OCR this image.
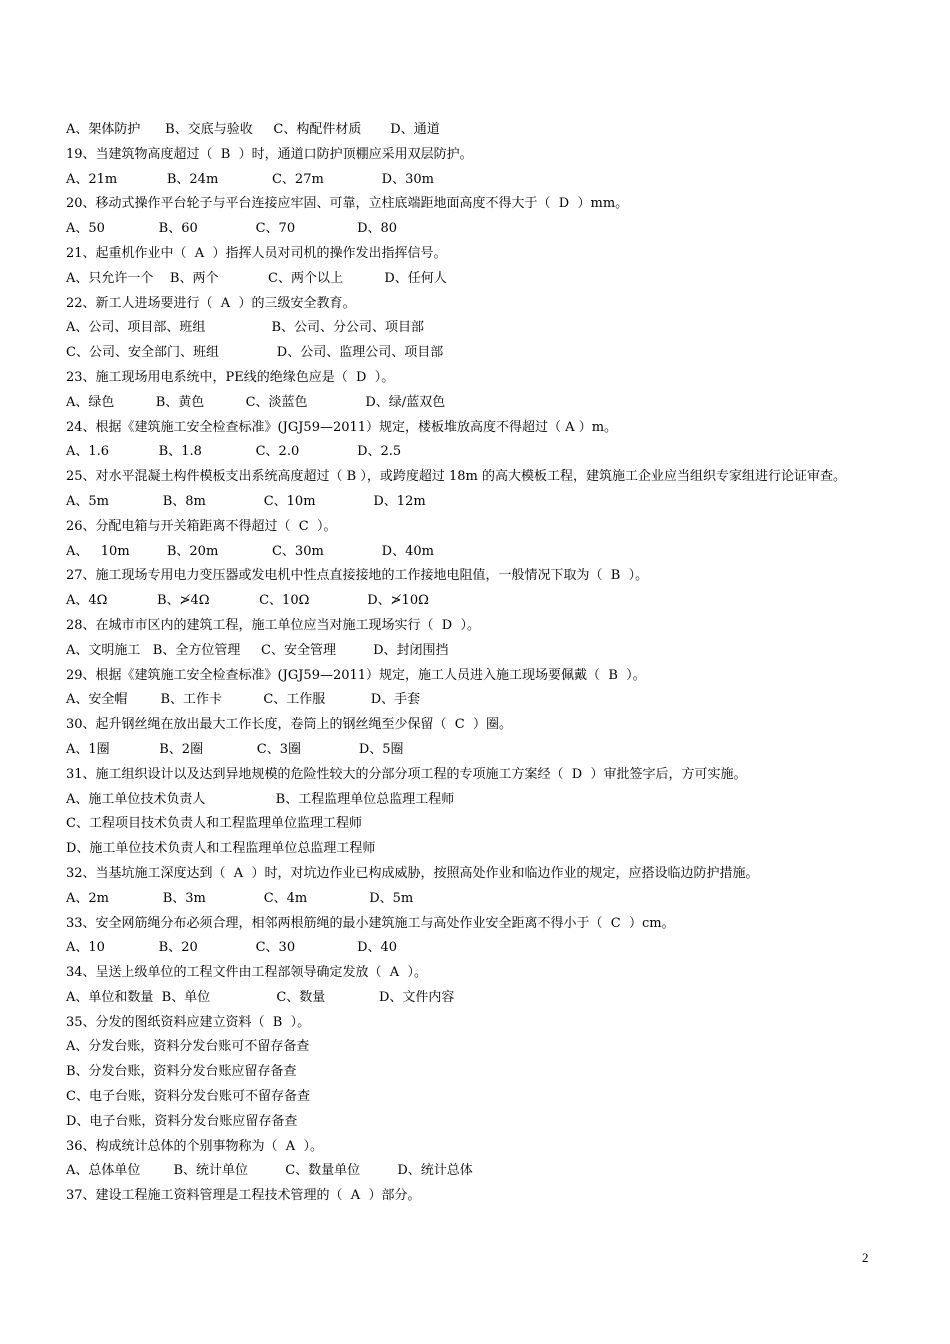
A、架体防护      B、交底与验收     C、构配件材质       D、通道
19、当建筑物高度超过（  B  ）时，通道口防护顶棚应采用双层防护。
A、21m            B、24m             C、27m              D、30m
20、移动式操作平台轮子与平台连接应牢固、可靠，立柱底端距地面高度不得大于（  D  ）mm。
A、50             B、60              C、70               D、80
21、起重机作业中（  A  ）指挥人员对司机的操作发出指挥信号。
A、只允许一个    B、两个            C、两个以上          D、任何人
22、新工人进场要进行（  A  ）的三级安全教育。
A、公司、项目部、班组                B、公司、分公司、项目部
C、公司、安全部门、班组              D、公司、监理公司、项目部
23、施工现场用电系统中，PE线的绝缘色应是（  D  ）。
A、绿色          B、黄色          C、淡蓝色              D、绿/蓝双色
24、根据《建筑施工安全检查标准》(JGJ59—2011）规定，楼板堆放高度不得超过（ A ）m。
A、1.6            B、1.8             C、2.0              D、2.5
25、对水平混凝土构件模板支出系统高度超过（ B ），或跨度超过 18m 的高大模板工程，建筑施工企业应当组织专家组进行论证审查。
A、5m             B、8m              C、10m              D、12m
26、分配电箱与开关箱距离不得超过（  C  ）。
A、   10m         B、20m             C、30m              D、40m
27、施工现场专用电力变压器或发电机中性点直接接地的工作接地电阻值，一般情况下取为（  B  ）。
A、4Ω            B、≯4Ω            C、10Ω              D、≯10Ω
28、在城市市区内的建筑工程，施工单位应当对施工现场实行（  D  ）。
A、文明施工   B、全方位管理     C、安全管理         D、封闭围挡
29、根据《建筑施工安全检查标准》(JGJ59—2011）规定，施工人员进入施工现场要佩戴（  B  ）。
A、安全帽        B、工作卡          C、工作服           D、手套
30、起升钢丝绳在放出最大工作长度，卷筒上的钢丝绳至少保留（  C  ）圈。
A、1圈            B、2圈             C、3圈              D、5圈
31、施工组织设计以及达到异地规模的危险性较大的分部分项工程的专项施工方案经（  D  ）审批签字后，方可实施。
A、施工单位技术负责人                 B、工程监理单位总监理工程师
C、工程项目技术负责人和工程监理单位监理工程师
D、施工单位技术负责人和工程监理单位总监理工程师
32、当基坑施工深度达到（  A  ）时，对坑边作业已构成威胁，按照高处作业和临边作业的规定，应搭设临边防护措施。
A、2m             B、3m              C、4m               D、5m
33、安全网筋绳分布必须合理，相邻两根筋绳的最小建筑施工与高处作业安全距离不得小于（  C  ）cm。
A、10             B、20              C、30               D、40
34、呈送上级单位的工程文件由工程部领导确定发放（  A  ）。
A、单位和数量  B、单位                C、数量             D、文件内容
35、分发的图纸资料应建立资料（  B  ）。
A、分发台账，资料分发台账可不留存备查
B、分发台账，资料分发台账应留存备查
C、电子台账，资料分发台账可不留存备查
D、电子台账，资料分发台账应留存备查
36、构成统计总体的个别事物称为（  A  ）。
A、总体单位        B、统计单位         C、数量单位         D、统计总体
37、建设工程施工资料管理是工程技术管理的（  A  ）部分。
2
